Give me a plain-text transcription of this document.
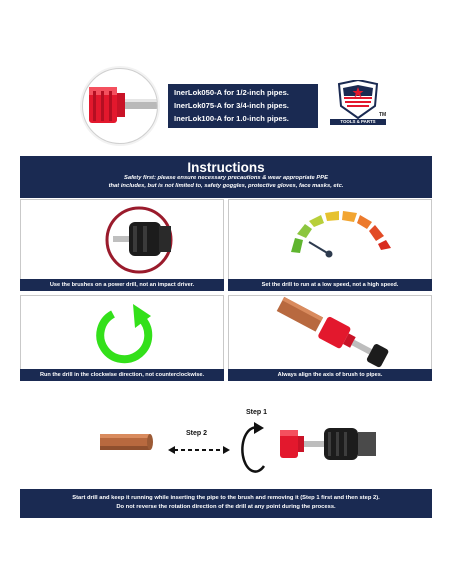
InerLok050-A for 1/2-inch pipes.
InerLok075-A for 3/4-inch pipes.
InerLok100-A for 1.0-inch pipes.	TOOLS & PARTS
TM
Instructions
Safety first: please ensure necessary precautions & wear appropriate PPE
that includes, but is not limited to, safety goggles, protective gloves, face masks, etc.
Use the brushes on a power drill, not an impact driver.	Set the drill to run at a low speed, not a high speed.
Run the drill in the clockwise direction, not counterclockwise.	Always align the axis of brush to pipes.
Step 2
Step 1
Start drill and keep it running while inserting the pipe to the brush and removing it (Step 1 first and then step 2).
Do not reverse the rotation direction of the drill at any point during the process.
